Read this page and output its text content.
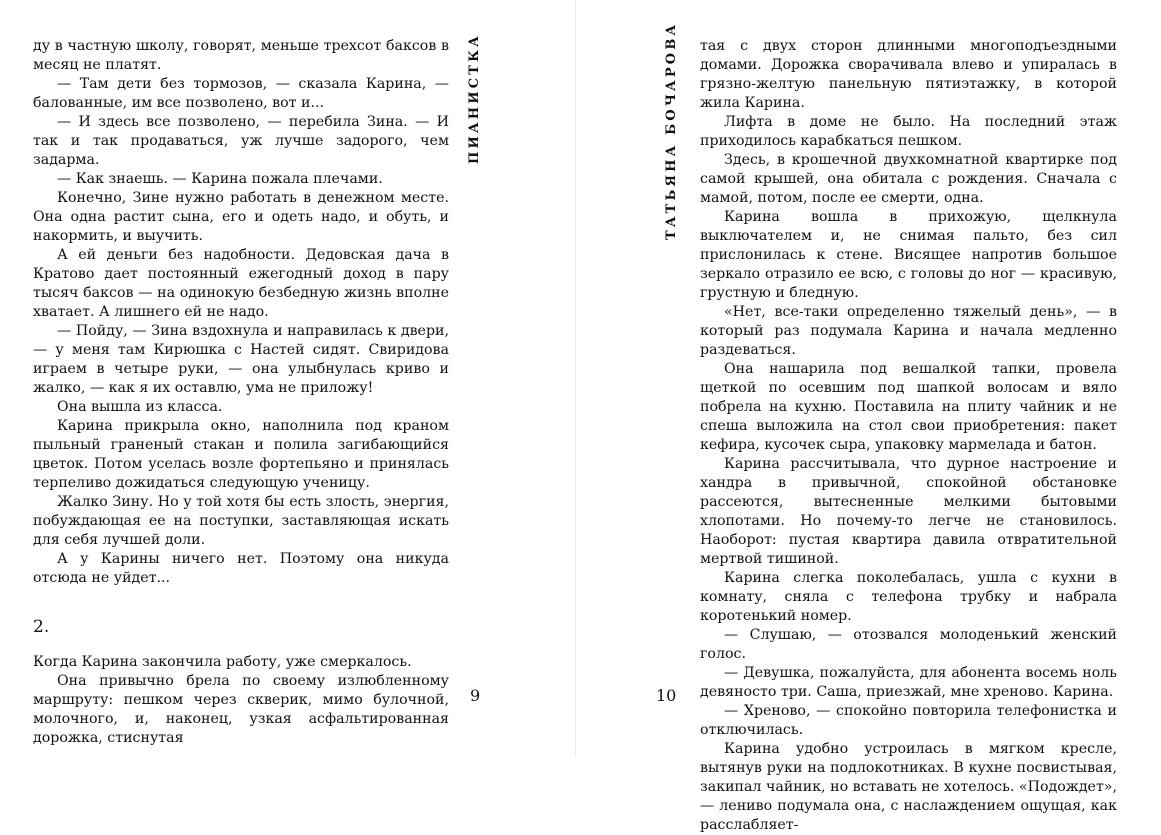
ПИАНИСТКА

ду в частную школу, говорят, меньше трехсот баксов в месяц не платят.

— Там дети без тормозов, — сказала Карина, — балованные, им все позволено, вот и...

— И здесь все позволено, — перебила Зина. — И так и так продаваться, уж лучше задорого, чем задарма.

— Как знаешь. — Карина пожала плечами.

Конечно, Зине нужно работать в денежном месте. Она одна растит сына, его и одеть надо, и обуть, и накормить, и выучить.

А ей деньги без надобности. Дедовская дача в Кратово дает постоянный ежегодный доход в пару тысяч баксов — на одинокую безбедную жизнь вполне хватает. А лишнего ей не надо.

— Пойду, — Зина вздохнула и направилась к двери, — у меня там Кирюшка с Настей сидят. Свиридова играем в четыре руки, — она улыбнулась криво и жалко, — как я их оставлю, ума не приложу!

Она вышла из класса.

Карина прикрыла окно, наполнила под краном пыльный граненый стакан и полила загибающийся цветок. Потом уселась возле фортепьяно и принялась терпеливо дожидаться следующую ученицу.

Жалко Зину. Но у той хотя бы есть злость, энергия, побуждающая ее на поступки, заставляющая искать для себя лучшей доли.

А у Карины ничего нет. Поэтому она никуда отсюда не уйдет...

2.

Когда Карина закончила работу, уже смеркалось.

Она привычно брела по своему излюбленному маршруту: пешком через скверик, мимо булочной, молочного, и, наконец, узкая асфальтированная дорожка, стиснутая

9
ТАТЬЯНА БОЧАРОВА тая с двух сторон длинными многоподъездными домами. Дорожка сворачивала влево и упиралась в грязно-желтую панельную пятиэтажку, в которой жила Карина.

Лифта в доме не было. На последний этаж приходилось карабкаться пешком.

Здесь, в крошечной двухкомнатной квартирке под самой крышей, она обитала с рождения. Сначала с мамой, потом, после ее смерти, одна.

Карина вошла в прихожую, щелкнула выключателем и, не снимая пальто, без сил прислонилась к стене. Висящее напротив большое зеркало отразило ее всю, с головы до ног — красивую, грустную и бледную.

«Нет, все-таки определенно тяжелый день», — в который раз подумала Карина и начала медленно раздеваться.

Она нашарила под вешалкой тапки, провела щеткой по осевшим под шапкой волосам и вяло побрела на кухню. Поставила на плиту чайник и не спеша выложила на стол свои приобретения: пакет кефира, кусочек сыра, упаковку мармелада и батон.

Карина рассчитывала, что дурное настроение и хандра в привычной, спокойной обстановке рассеются, вытесненные мелкими бытовыми хлопотами. Но почему-то легче не становилось. Наоборот: пустая квартира давила отвратительной мертвой тишиной.

Карина слегка поколебалась, ушла с кухни в комнату, сняла с телефона трубку и набрала коротенький номер.

— Слушаю, — отозвался молоденький женский голос.

— Девушка, пожалуйста, для абонента восемь ноль девяносто три. Саша, приезжай, мне хреново. Карина.

— Хреново, — спокойно повторила телефонистка и отключилась.

Карина удобно устроилась в мягком кресле, вытянув руки на подлокотниках. В кухне посвистывая, закипал чайник, но вставать не хотелось. «Подождет», — лениво подумала она, с наслаждением ощущая, как расслабляет-

10
